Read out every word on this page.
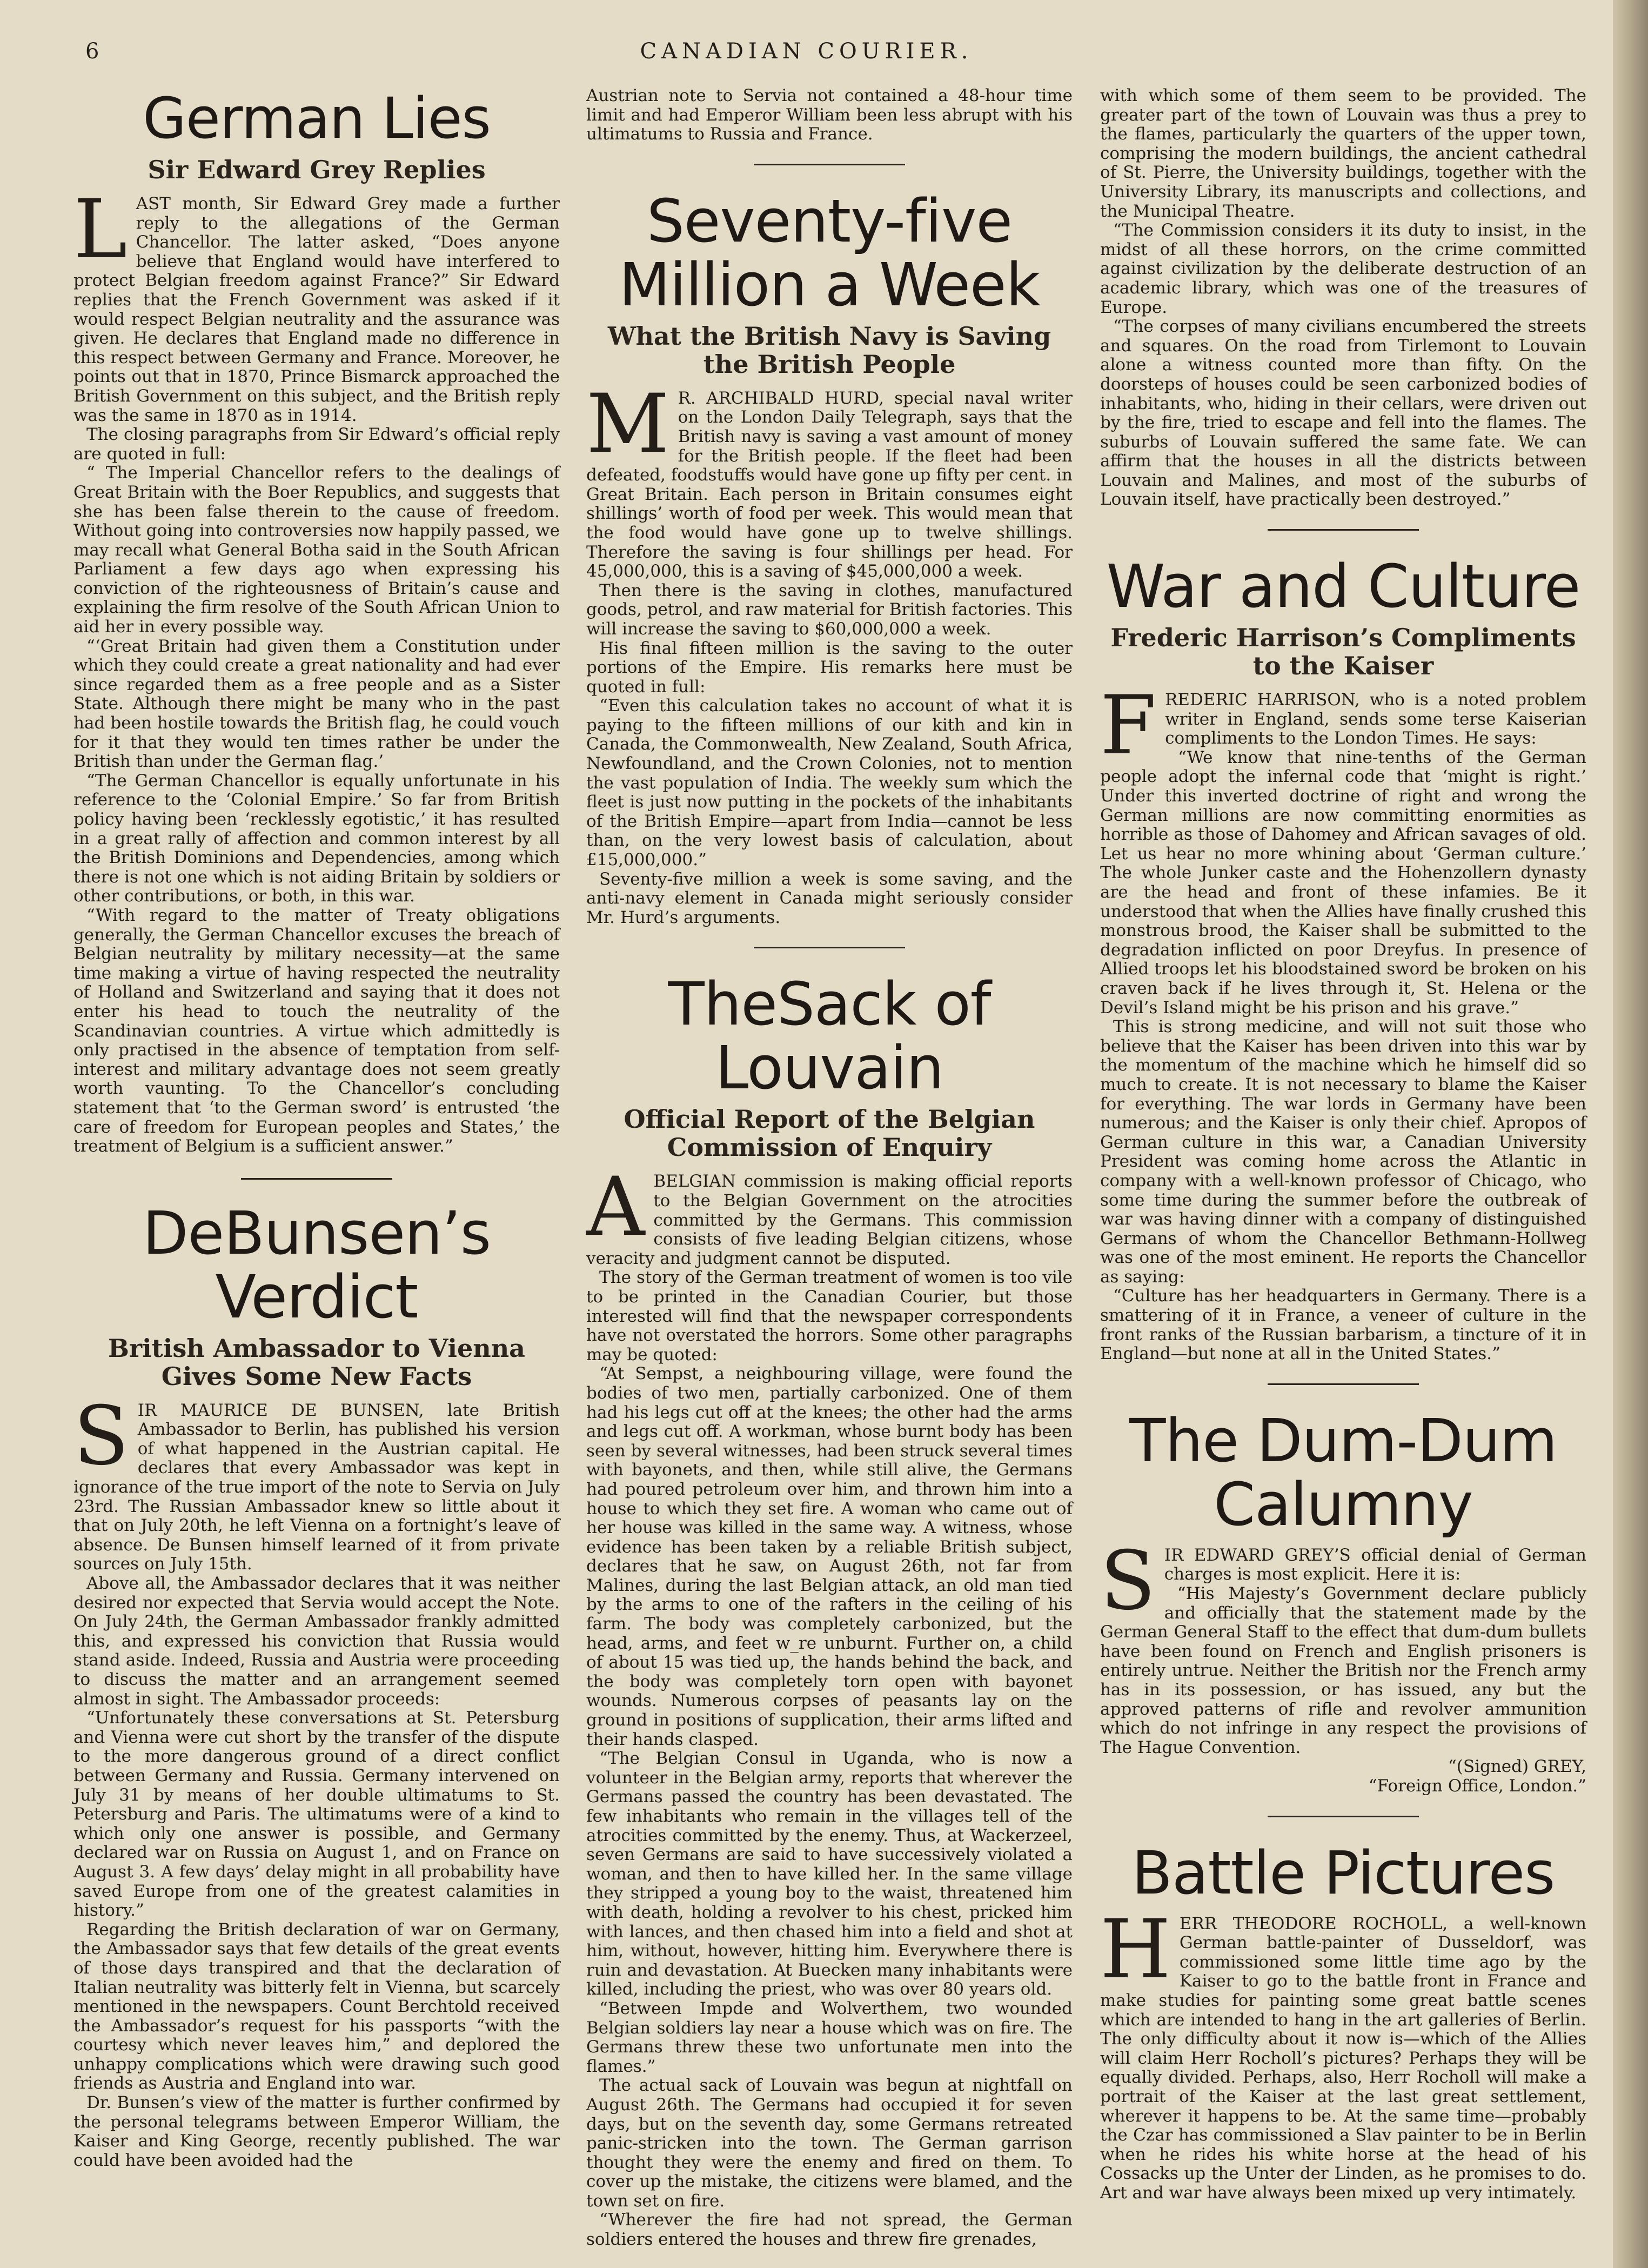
6	CANADIAN COURIER.
German Lies
Sir Edward Grey Replies

LAST month, Sir Edward Grey made a further reply to the allegations of the German Chancellor. The latter asked, “Does anyone believe that England would have interfered to protect Belgian freedom against France?” Sir Edward replies that the French Government was asked if it would respect Belgian neutrality and the assurance was given. He declares that England made no difference in this respect between Germany and France. Moreover, he points out that in 1870, Prince Bismarck approached the British Government on this subject, and the British reply was the same in 1870 as in 1914.

The closing paragraphs from Sir Edward’s official reply are quoted in full:

“ The Imperial Chancellor refers to the dealings of Great Britain with the Boer Republics, and suggests that she has been false therein to the cause of freedom. Without going into controversies now happily passed, we may recall what General Botha said in the South African Parliament a few days ago when expressing his conviction of the righteousness of Britain’s cause and explaining the firm resolve of the South African Union to aid her in every possible way.

“‘Great Britain had given them a Constitution under which they could create a great nationality and had ever since regarded them as a free people and as a Sister State. Although there might be many who in the past had been hostile towards the British flag, he could vouch for it that they would ten times rather be under the British than under the German flag.’

“The German Chancellor is equally unfortunate in his reference to the ‘Colonial Empire.’ So far from British policy having been ‘recklessly egotistic,’ it has resulted in a great rally of affection and common interest by all the British Dominions and Dependencies, among which there is not one which is not aiding Britain by soldiers or other contributions, or both, in this war.

“With regard to the matter of Treaty obligations generally, the German Chancellor excuses the breach of Belgian neutrality by military necessity—at the same time making a virtue of having respected the neutrality of Holland and Switzerland and saying that it does not enter his head to touch the neutrality of the Scandinavian countries. A virtue which admittedly is only practised in the absence of temptation from self-interest and military advantage does not seem greatly worth vaunting. To the Chancellor’s concluding statement that ‘to the German sword’ is entrusted ‘the care of freedom for European peoples and States,’ the treatment of Belgium is a sufficient answer.”

DeBunsen’s Verdict
British Ambassador to Vienna Gives Some New Facts

SIR MAURICE DE BUNSEN, late British Ambassador to Berlin, has published his version of what happened in the Austrian capital. He declares that every Ambassador was kept in ignorance of the true import of the note to Servia on July 23rd. The Russian Ambassador knew so little about it that on July 20th, he left Vienna on a fortnight’s leave of absence. De Bunsen himself learned of it from private sources on July 15th.

Above all, the Ambassador declares that it was neither desired nor expected that Servia would accept the Note. On July 24th, the German Ambassador frankly admitted this, and expressed his conviction that Russia would stand aside. Indeed, Russia and Austria were proceeding to discuss the matter and an arrangement seemed almost in sight. The Ambassador proceeds:

“Unfortunately these conversations at St. Petersburg and Vienna were cut short by the transfer of the dispute to the more dangerous ground of a direct conflict between Germany and Russia. Germany intervened on July 31 by means of her double ultimatums to St. Petersburg and Paris. The ultimatums were of a kind to which only one answer is possible, and Germany declared war on Russia on August 1, and on France on August 3. A few days’ delay might in all probability have saved Europe from one of the greatest calamities in history.”

Regarding the British declaration of war on Germany, the Ambassador says that few details of the great events of those days transpired and that the declaration of Italian neutrality was bitterly felt in Vienna, but scarcely mentioned in the newspapers. Count Berchtold received the Ambassador’s request for his passports “with the courtesy which never leaves him,” and deplored the unhappy complications which were drawing such good friends as Austria and England into war.

Dr. Bunsen’s view of the matter is further confirmed by the personal telegrams between Emperor William, the Kaiser and King George, recently published. The war could have been avoided had the

Austrian note to Servia not contained a 48-hour time limit and had Emperor William been less abrupt with his ultimatums to Russia and France.

Seventy-five Million a Week
What the British Navy is Saving the British People

M R. ARCHIBALD HURD, special naval writer on the London Daily Telegraph, says that the British navy is saving a vast amount of money for the British people. If the fleet had been defeated, foodstuffs would have gone up fifty per cent. in Great Britain. Each person in Britain consumes eight shillings’ worth of food per week. This would mean that the food would have gone up to twelve shillings. Therefore the saving is four shillings per head. For 45,000,000, this is a saving of $45,000,000 a week.

Then there is the saving in clothes, manufactured goods, petrol, and raw material for British factories. This will increase the saving to $60,000,000 a week.

His final fifteen million is the saving to the outer portions of the Empire. His remarks here must be quoted in full:

“Even this calculation takes no account of what it is paying to the fifteen millions of our kith and kin in Canada, the Commonwealth, New Zealand, South Africa, Newfoundland, and the Crown Colonies, not to mention the vast population of India. The weekly sum which the fleet is just now putting in the pockets of the inhabitants of the British Empire—apart from India—cannot be less than, on the very lowest basis of calculation, about £15,000,000.”

Seventy-five million a week is some saving, and the anti-navy element in Canada might seriously consider Mr. Hurd’s arguments.

TheSack of Louvain
Official Report of the Belgian Commission of Enquiry

ABELGIAN commission is making official reports to the Belgian Government on the atrocities committed by the Germans. This commission consists of five leading Belgian citizens, whose veracity and judgment cannot be disputed.

The story of the German treatment of women is too vile to be printed in the Canadian Courier, but those interested will find that the newspaper correspondents have not overstated the horrors. Some other paragraphs may be quoted:

“At Sempst, a neighbouring village, were found the bodies of two men, partially carbonized. One of them had his legs cut off at the knees; the other had the arms and legs cut off. A workman, whose burnt body has been seen by several witnesses, had been struck several times with bayonets, and then, while still alive, the Germans had poured petroleum over him, and thrown him into a house to which they set fire. A woman who came out of her house was killed in the same way. A witness, whose evidence has been taken by a reliable British subject, declares that he saw, on August 26th, not far from Malines, during the last Belgian attack, an old man tied by the arms to one of the rafters in the ceiling of his farm. The body was completely carbonized, but the head, arms, and feet w_re unburnt. Further on, a child of about 15 was tied up, the hands behind the back, and the body was completely torn open with bayonet wounds. Numerous corpses of peasants lay on the ground in positions of supplication, their arms lifted and their hands clasped.

“The Belgian Consul in Uganda, who is now a volunteer in the Belgian army, reports that wherever the Germans passed the country has been devastated. The few inhabitants who remain in the villages tell of the atrocities committed by the enemy. Thus, at Wackerzeel, seven Germans are said to have successively violated a woman, and then to have killed her. In the same village they stripped a young boy to the waist, threatened him with death, holding a revolver to his chest, pricked him with lances, and then chased him into a field and shot at him, without, however, hitting him. Everywhere there is ruin and devastation. At Buecken many inhabitants were killed, including the priest, who was over 80 years old.

“Between Impde and Wolverthem, two wounded Belgian soldiers lay near a house which was on fire. The Germans threw these two unfortunate men into the flames.”

The actual sack of Louvain was begun at nightfall on August 26th. The Germans had occupied it for seven days, but on the seventh day, some Germans retreated panic-stricken into the town. The German garrison thought they were the enemy and fired on them. To cover up the mistake, the citizens were blamed, and the town set on fire.

“Wherever the fire had not spread, the German soldiers entered the houses and threw fire grenades,

with which some of them seem to be provided. The greater part of the town of Louvain was thus a prey to the flames, particularly the quarters of the upper town, comprising the modern buildings, the ancient cathedral of St. Pierre, the University buildings, together with the University Library, its manuscripts and collections, and the Municipal Theatre.

“The Commission considers it its duty to insist, in the midst of all these horrors, on the crime committed against civilization by the deliberate destruction of an academic library, which was one of the treasures of Europe.

“The corpses of many civilians encumbered the streets and squares. On the road from Tirlemont to Louvain alone a witness counted more than fifty. On the doorsteps of houses could be seen carbonized bodies of inhabitants, who, hiding in their cellars, were driven out by the fire, tried to escape and fell into the flames. The suburbs of Louvain suffered the same fate. We can affirm that the houses in all the districts between Louvain and Malines, and most of the suburbs of Louvain itself, have practically been destroyed.”

War and Culture
Frederic Harrison’s Compliments to the Kaiser

FREDERIC HARRISON, who is a noted problem writer in England, sends some terse Kaiserian compliments to the London Times. He says:

“We know that nine-tenths of the German people adopt the infernal code that ‘might is right.’ Under this inverted doctrine of right and wrong the German millions are now committing enormities as horrible as those of Dahomey and African savages of old. Let us hear no more whining about ‘German culture.’ The whole Junker caste and the Hohenzollern dynasty are the head and front of these infamies. Be it understood that when the Allies have finally crushed this monstrous brood, the Kaiser shall be submitted to the degradation inflicted on poor Dreyfus. In presence of Allied troops let his bloodstained sword be broken on his craven back if he lives through it, St. Helena or the Devil’s Island might be his prison and his grave.”

This is strong medicine, and will not suit those who believe that the Kaiser has been driven into this war by the momentum of the machine which he himself did so much to create. It is not necessary to blame the Kaiser for everything. The war lords in Germany have been numerous; and the Kaiser is only their chief. Apropos of German culture in this war, a Canadian University President was coming home across the Atlantic in company with a well-known professor of Chicago, who some time during the summer before the outbreak of war was having dinner with a company of distinguished Germans of whom the Chancellor Bethmann-Hollweg was one of the most eminent. He reports the Chancellor as saying:

“Culture has her headquarters in Germany. There is a smattering of it in France, a veneer of culture in the front ranks of the Russian barbarism, a tincture of it in England—but none at all in the United States.”

The Dum-Dum Calumny

SIR EDWARD GREY’S official denial of German charges is most explicit. Here it is:

“His Majesty’s Government declare publicly and officially that the statement made by the German General Staff to the effect that dum-dum bullets have been found on French and English prisoners is entirely untrue. Neither the British nor the French army has in its possession, or has issued, any but the approved patterns of rifle and revolver ammunition which do not infringe in any respect the provisions of The Hague Convention.

“(Signed) GREY,

“Foreign Office, London.”

Battle Pictures

HERR THEODORE ROCHOLL, a well-known German battle-painter of Dusseldorf, was commissioned some little time ago by the Kaiser to go to the battle front in France and make studies for painting some great battle scenes which are intended to hang in the art galleries of Berlin. The only difficulty about it now is—which of the Allies will claim Herr Rocholl’s pictures? Perhaps they will be equally divided. Perhaps, also, Herr Rocholl will make a portrait of the Kaiser at the last great settlement, wherever it happens to be. At the same time—probably the Czar has commissioned a Slav painter to be in Berlin when he rides his white horse at the head of his Cossacks up the Unter der Linden, as he promises to do. Art and war have always been mixed up very intimately.
